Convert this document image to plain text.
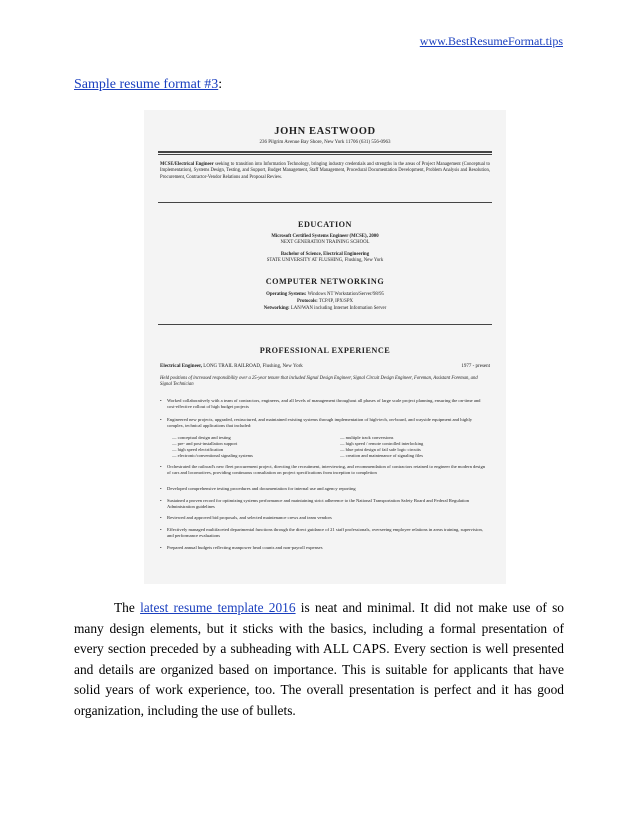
www.BestResumeFormat.tips
Sample resume format #3:
JOHN EASTWOOD
236 Pilgrim Avenue Bay Shore, New York 11706 (631) 556-0963
MCSE/Electrical Engineer seeking to transition into Information Technology, bringing industry credentials and strengths in the areas of Project Management (Conceptual to Implementation), Systems Design, Testing, and Support, Budget Management, Staff Management, Procedural Documentation Development, Problem Analysis and Resolution, Procurement, Contractor-Vendor Relations and Proposal Review.
EDUCATION
Microsoft Certified Systems Engineer (MCSE), 2000
NEXT GENERATION TRAINING SCHOOL
Bachelor of Science, Electrical Engineering
STATE UNIVERSITY AT FLUSHING, Flushing, New York
COMPUTER NETWORKING
Operating Systems: Windows NT Workstation/Server/98/95
Protocols: TCP/IP, IPX/SPX
Networking: LAN/WAN including Internet Information Server
PROFESSIONAL EXPERIENCE
Electrical Engineer, LONG TRAIL RAILROAD, Flushing, New York	1977 - present
Held positions of increased responsibility over a 25-year tenure that included Signal Design Engineer, Signal Circuit Design Engineer, Foreman, Assistant Foreman, and Signal Technician
• Worked collaboratively with a team of contractors, engineers, and all levels of management throughout all phases of large scale project planning, ensuring the on-time and cost-effective rollout of high budget projects
• Engineered new projects, upgraded, restructured, and maintained existing systems through implementation of high-tech, on-board, and wayside equipment and highly complex, technical applications that included:
— conceptual design and testing
— pre- and post-installation support
— high speed electrification
— electronic/conventional signaling systems
— multiple track conversions
— high speed / remote controlled interlocking
— blue print design of fail safe logic circuits
— creation and maintenance of signaling files
• Orchestrated the railroad's new fleet procurement project, directing the recruitment, interviewing, and recommendation of contractors retained to engineer the modern design of cars and locomotives, providing continuous consultation on project specifications from inception to completion
• Developed comprehensive testing procedures and documentation for internal use and agency reporting
• Sustained a proven record for optimizing systems performance and maintaining strict adherence to the National Transportation Safety Board and Federal Regulation Administration guidelines
• Reviewed and approved bid proposals, and selected maintenance crews and team vendors
• Effectively managed multifaceted departmental functions through the direct guidance of 21 staff professionals, overseeing employee relations in areas training, supervision, and performance evaluations
• Prepared annual budgets reflecting manpower head counts and non-payroll expenses
The latest resume template 2016 is neat and minimal. It did not make use of so many design elements, but it sticks with the basics, including a formal presentation of every section preceded by a subheading with ALL CAPS. Every section is well presented and details are organized based on importance. This is suitable for applicants that have solid years of work experience, too. The overall presentation is perfect and it has good organization, including the use of bullets.
